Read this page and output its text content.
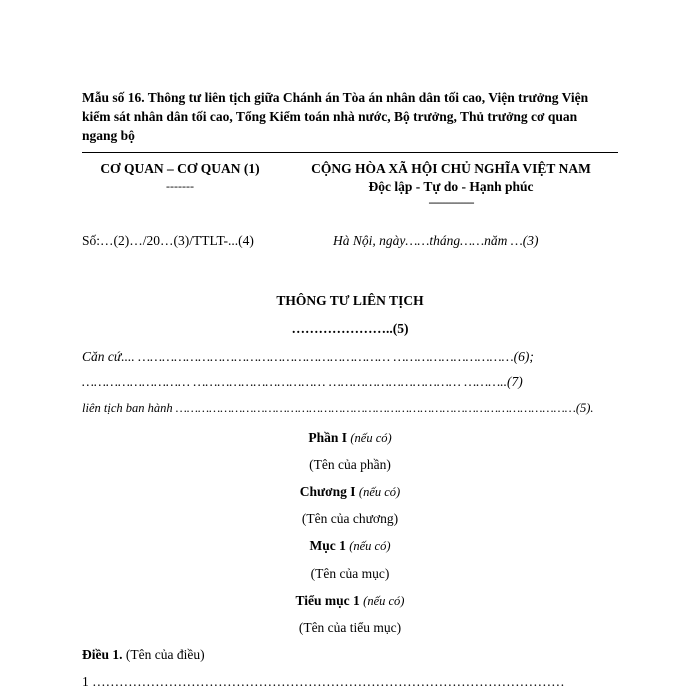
Mẫu số 16. Thông tư liên tịch giữa Chánh án Tòa án nhân dân tối cao, Viện trưởng Viện kiểm sát nhân dân tối cao, Tổng Kiểm toán nhà nước, Bộ trưởng, Thủ trưởng cơ quan ngang bộ
CƠ QUAN – CƠ QUAN (1)
-------
Số:…(2)…/20…(3)/TTLT-...(4)
CỘNG HÒA XÃ HỘI CHỦ NGHĨA VIỆT NAM
Độc lập - Tự do - Hạnh phúc
---------------
Hà Nội, ngày……tháng……năm …(3)
THÔNG TƯ LIÊN TỊCH
…………………..(5)
Căn cứ.... ……………………………………………………… …………………………(6);
……………………… …………………………… …………………………… ………..(7)
liên tịch ban hành ………………………………………………………………………………………………(5).
Phần I (nếu có)
(Tên của phần)
Chương I (nếu có)
(Tên của chương)
Mục 1 (nếu có)
(Tên của mục)
Tiểu mục 1 (nếu có)
(Tên của tiểu mục)
Điều 1. (Tên của điều)
1 ……………………………………………………………………………………………
